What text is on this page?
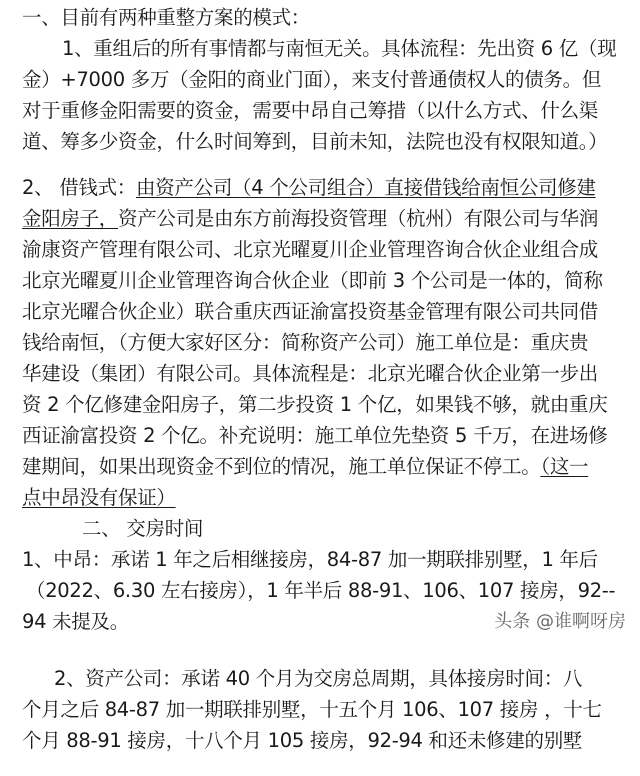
一、目前有两种重整方案的模式：
1、重组后的所有事情都与南恒无关。具体流程：先出资 6 亿（现
金）+7000 多万（金阳的商业门面），来支付普通债权人的债务。但
对于重修金阳需要的资金，需要中昂自己筹措（以什么方式、什么渠
道、筹多少资金，什么时间筹到，目前未知，法院也没有权限知道。）
2、 借钱式：由资产公司（4 个公司组合）直接借钱给南恒公司修建
金阳房子，资产公司是由东方前海投资管理（杭州）有限公司与华润
渝康资产管理有限公司、北京光曜夏川企业管理咨询合伙企业组合成
北京光曜夏川企业管理咨询合伙企业（即前 3 个公司是一体的，简称
北京光曜合伙企业）联合重庆西证渝富投资基金管理有限公司共同借
钱给南恒，（方便大家好区分：简称资产公司）施工单位是：重庆贵
华建设（集团）有限公司。具体流程是：北京光曜合伙企业第一步出
资 2 个亿修建金阳房子，第二步投资 1 个亿，如果钱不够，就由重庆
西证渝富投资 2 个亿。补充说明：施工单位先垫资 5 千万，在进场修
建期间，如果出现资金不到位的情况，施工单位保证不停工。（这一
点中昂没有保证）
二、 交房时间
1、中昂：承诺 1 年之后相继接房，84-87 加一期联排别墅，1 年后
（2022、6.30 左右接房），1 年半后 88-91、106、107 接房，92--
94 未提及。
2、资产公司：承诺 40 个月为交房总周期，具体接房时间：八
个月之后 84-87 加一期联排别墅，十五个月 106、107 接房 ，十七
个月 88-91 接房，十八个月 105 接房，92-94 和还未修建的别墅
头条 @谁啊呀房
